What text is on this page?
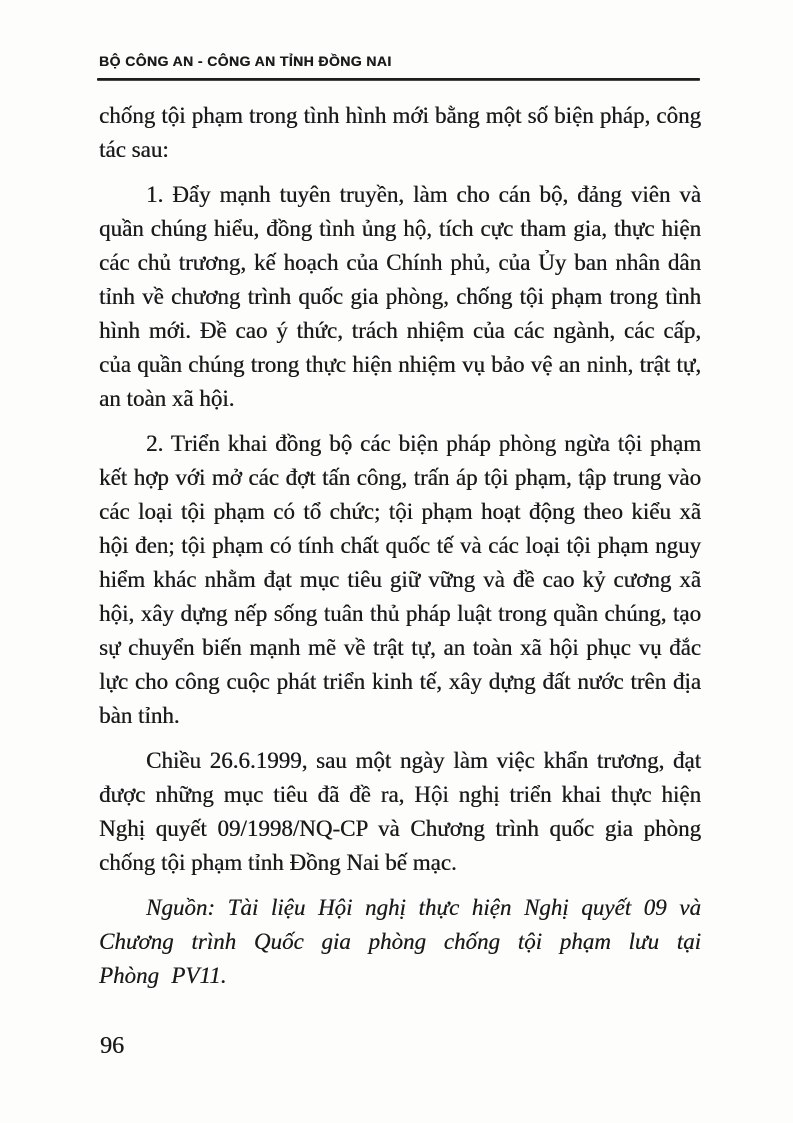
BỘ CÔNG AN - CÔNG AN TỈNH ĐỒNG NAI

chống tội phạm trong tình hình mới bằng một số biện pháp, công tác sau:

1. Đẩy mạnh tuyên truyền, làm cho cán bộ, đảng viên và quần chúng hiểu, đồng tình ủng hộ, tích cực tham gia, thực hiện các chủ trương, kế hoạch của Chính phủ, của Ủy ban nhân dân tỉnh về chương trình quốc gia phòng, chống tội phạm trong tình hình mới. Đề cao ý thức, trách nhiệm của các ngành, các cấp, của quần chúng trong thực hiện nhiệm vụ bảo vệ an ninh, trật tự, an toàn xã hội.

2. Triển khai đồng bộ các biện pháp phòng ngừa tội phạm kết hợp với mở các đợt tấn công, trấn áp tội phạm, tập trung vào các loại tội phạm có tổ chức; tội phạm hoạt động theo kiểu xã hội đen; tội phạm có tính chất quốc tế và các loại tội phạm nguy hiểm khác nhằm đạt mục tiêu giữ vững và đề cao kỷ cương xã hội, xây dựng nếp sống tuân thủ pháp luật trong quần chúng, tạo sự chuyển biến mạnh mẽ về trật tự, an toàn xã hội phục vụ đắc lực cho công cuộc phát triển kinh tế, xây dựng đất nước trên địa bàn tỉnh.

Chiều 26.6.1999, sau một ngày làm việc khẩn trương, đạt được những mục tiêu đã đề ra, Hội nghị triển khai thực hiện Nghị quyết 09/1998/NQ-CP và Chương trình quốc gia phòng chống tội phạm tỉnh Đồng Nai bế mạc.

Nguồn: Tài liệu Hội nghị thực hiện Nghị quyết 09 và Chương trình Quốc gia phòng chống tội phạm lưu tại Phòng PV11.

96
